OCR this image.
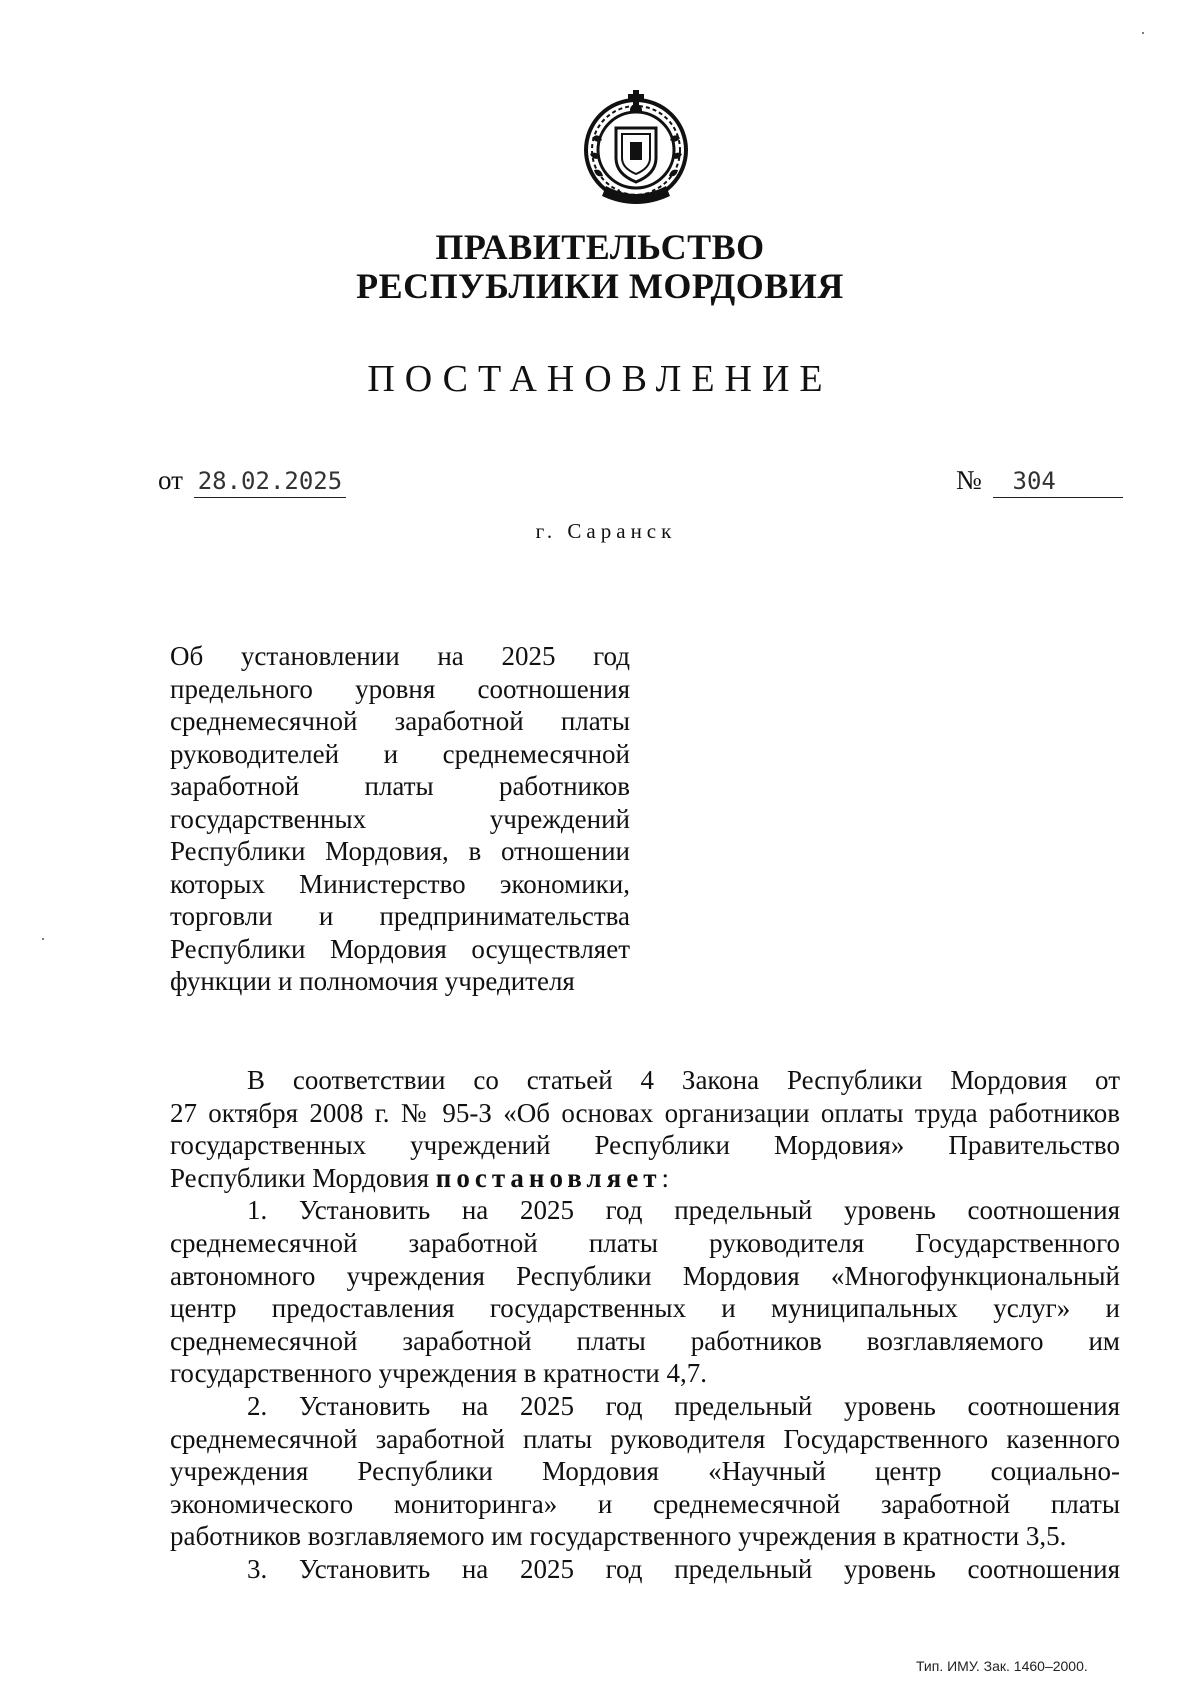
ПРАВИТЕЛЬСТВО
РЕСПУБЛИКИ МОРДОВИЯ
ПОСТАНОВЛЕНИЕ
от 28.02.2025	№ 304
г. Саранск
Об установлении на 2025 год
предельного уровня соотношения
среднемесячной заработной платы
руководителей и среднемесячной
заработной платы работников
государственных учреждений
Республики Мордовия, в отношении
которых Министерство экономики,
торговли и предпринимательства
Республики Мордовия осуществляет
функции и полномочия учредителя
В соответствии со статьей 4 Закона Республики Мордовия от
27 октября 2008 г. № 95-З «Об основах организации оплаты труда работников
государственных учреждений Республики Мордовия» Правительство
Республики Мордовия постановляет:
1. Установить на 2025 год предельный уровень соотношения
среднемесячной заработной платы руководителя Государственного
автономного учреждения Республики Мордовия «Многофункциональный
центр предоставления государственных и муниципальных услуг» и
среднемесячной заработной платы работников возглавляемого им
государственного учреждения в кратности 4,7.
2. Установить на 2025 год предельный уровень соотношения
среднемесячной заработной платы руководителя Государственного казенного
учреждения Республики Мордовия «Научный центр социально-
экономического мониторинга» и среднемесячной заработной платы
работников возглавляемого им государственного учреждения в кратности 3,5.
3. Установить на 2025 год предельный уровень соотношения
Тип. ИМУ. Зак. 1460–2000.
